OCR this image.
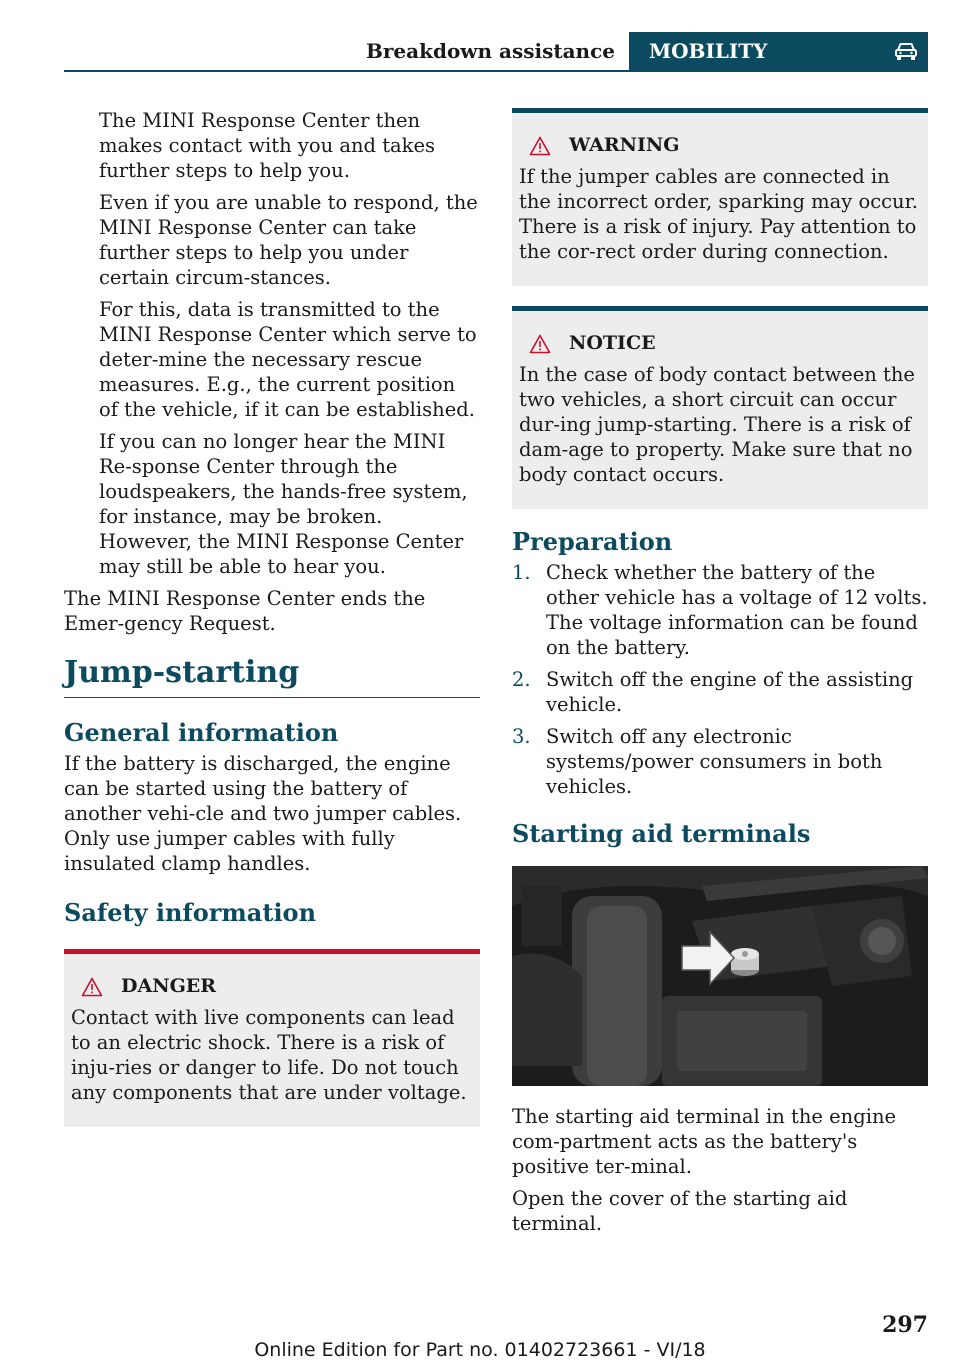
Breakdown assistance	MOBILITY

The MINI Response Center then makes contact with you and takes further steps to help you.

Even if you are unable to respond, the MINI Response Center can take further steps to help you under certain circum-stances.

For this, data is transmitted to the MINI Response Center which serve to deter-mine the necessary rescue measures. E.g., the current position of the vehicle, if it can be established.

If you can no longer hear the MINI Re-sponse Center through the loudspeakers, the hands-free system, for instance, may be broken. However, the MINI Response Center may still be able to hear you.

The MINI Response Center ends the Emer-gency Request.

Jump-starting
General information

If the battery is discharged, the engine can be started using the battery of another vehi-cle and two jumper cables. Only use jumper cables with fully insulated clamp handles.

Safety information
DANGER
Contact with live components can lead to an electric shock. There is a risk of inju-ries or danger to life. Do not touch any components that are under voltage.
WARNING
If the jumper cables are connected in the incorrect order, sparking may occur. There is a risk of injury. Pay attention to the cor-rect order during connection.
NOTICE
In the case of body contact between the two vehicles, a short circuit can occur dur-ing jump-starting. There is a risk of dam-age to property. Make sure that no body contact occurs.
Preparation
1. Check whether the battery of the other vehicle has a voltage of 12 volts. The voltage information can be found on the battery.
2. Switch off the engine of the assisting vehicle.
3. Switch off any electronic systems/power consumers in both vehicles.
Starting aid terminals

The starting aid terminal in the engine com-partment acts as the battery's positive ter-minal.

Open the cover of the starting aid terminal.

297
Online Edition for Part no. 01402723661 - VI/18
